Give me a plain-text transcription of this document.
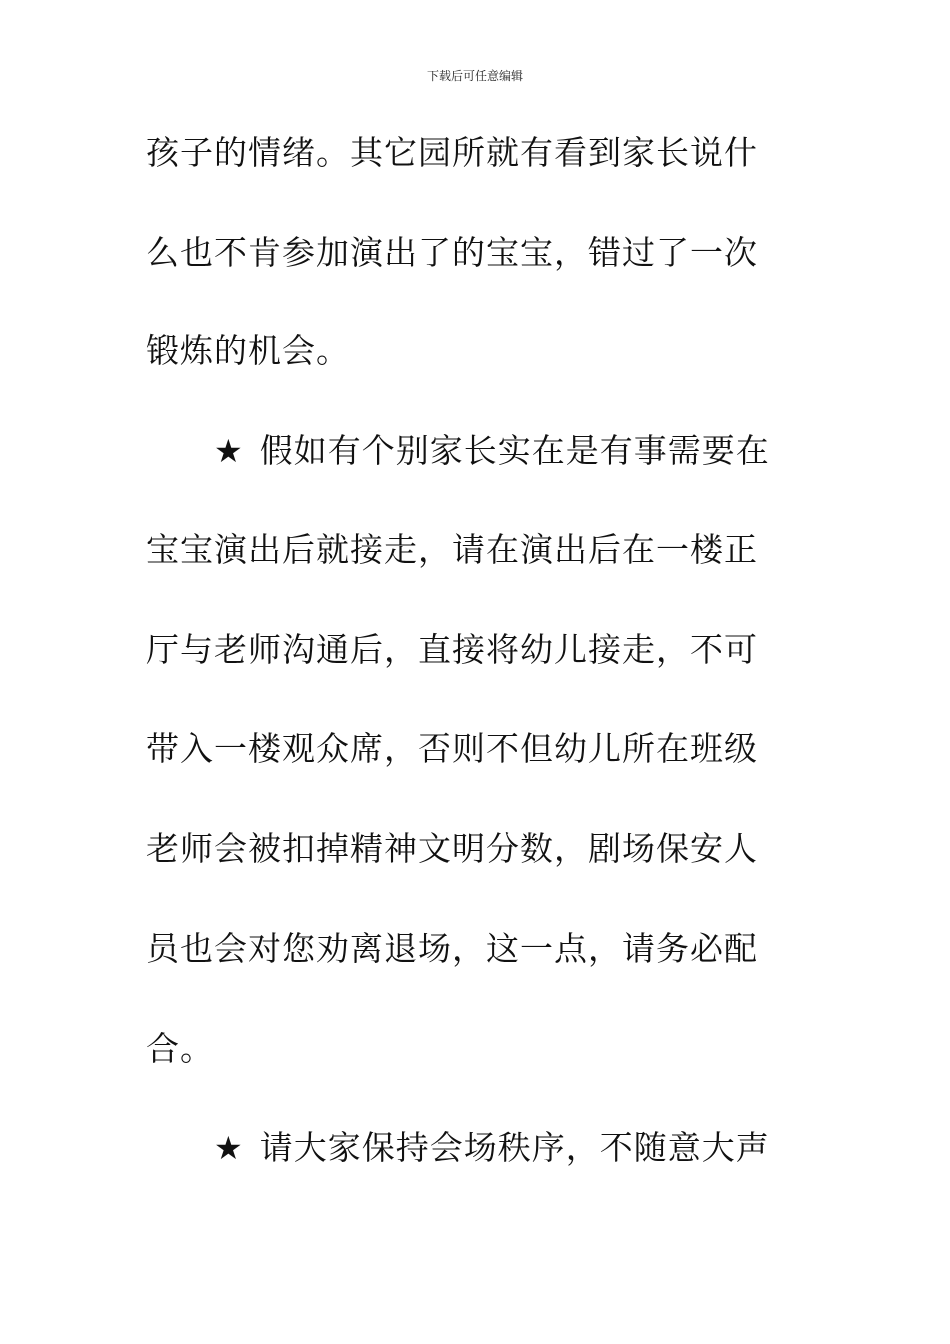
下载后可任意编辑
孩子的情绪。其它园所就有看到家长说什
么也不肯参加演出了的宝宝，错过了一次
锻炼的机会。
★ 假如有个别家长实在是有事需要在
宝宝演出后就接走，请在演出后在一楼正
厅与老师沟通后，直接将幼儿接走，不可
带入一楼观众席，否则不但幼儿所在班级
老师会被扣掉精神文明分数，剧场保安人
员也会对您劝离退场，这一点，请务必配
合。
★ 请大家保持会场秩序，不随意大声
